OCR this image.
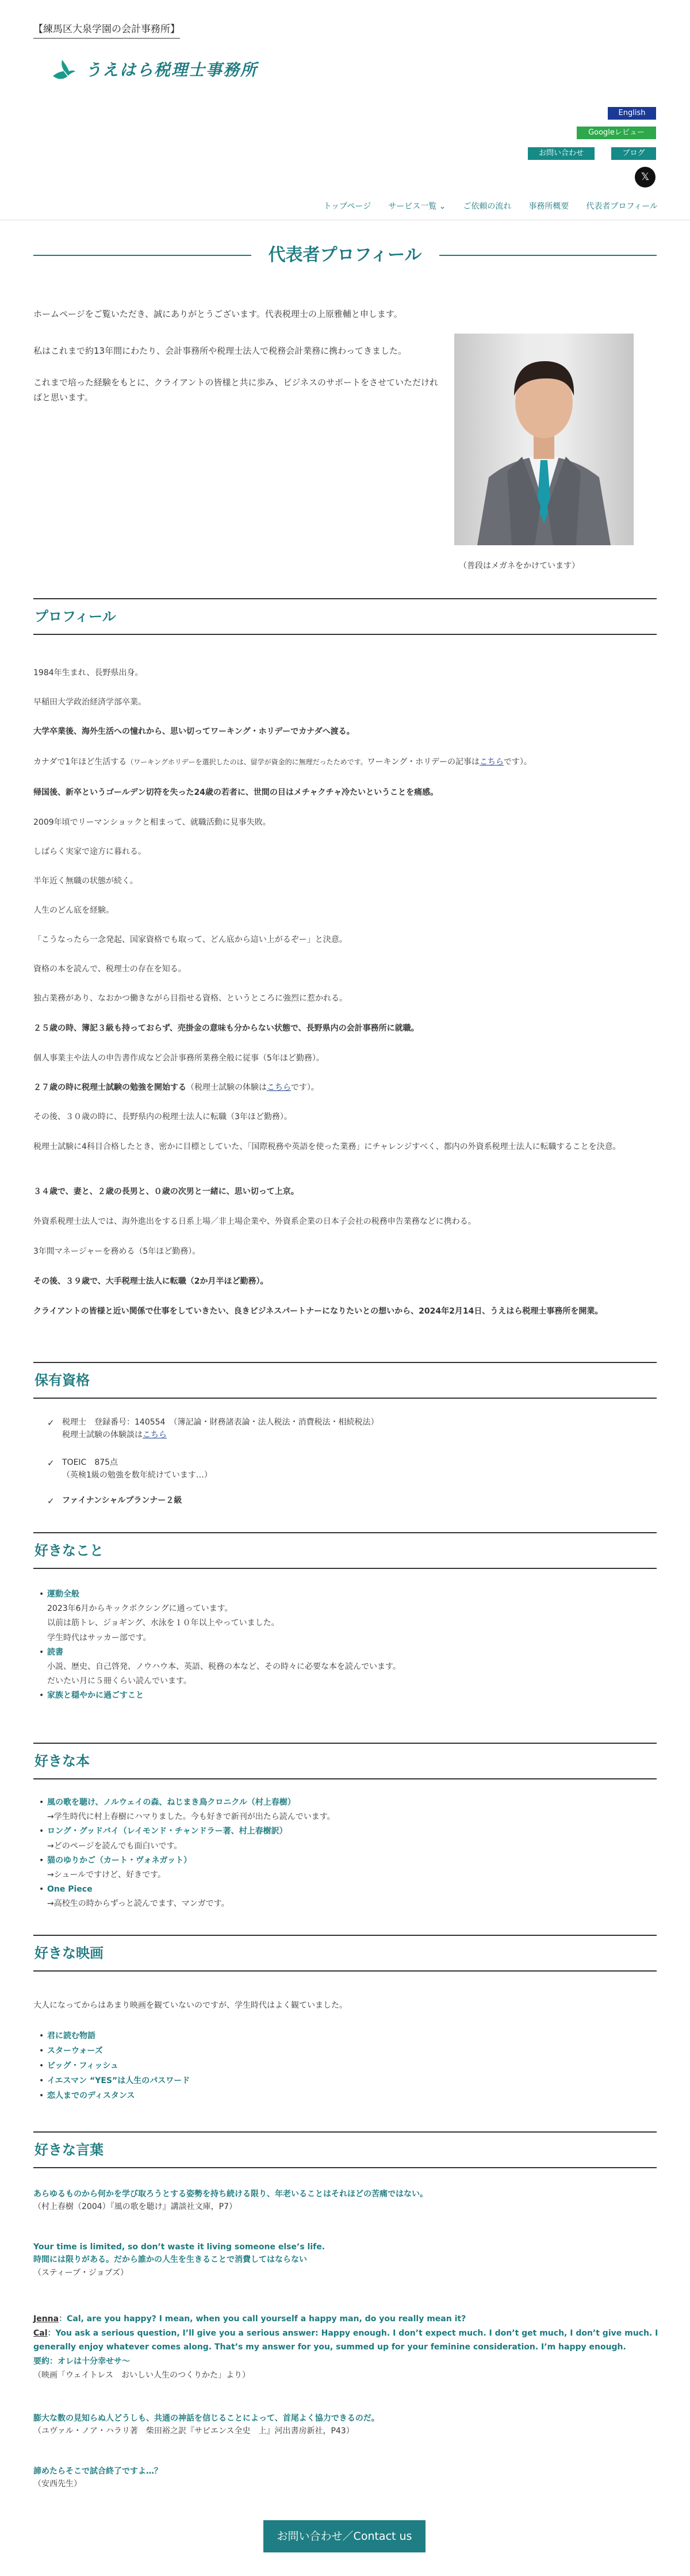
【練馬区大泉学園の会計事務所】
うえはら税理士事務所
English
Googleレビュー
お問い合わせ	ブログ
𝕏
トップページ サービス一覧 ⌄ ご依頼の流れ 事務所概要 代表者プロフィール
代表者プロフィール

ホームページをご覧いただき、誠にありがとうございます。代表税理士の上原雅輔と申します。

私はこれまで約13年間にわたり、会計事務所や税理士法人で税務会計業務に携わってきました。

これまで培った経験をもとに、クライアントの皆様と共に歩み、ビジネスのサポートをさせていただければと思います。

（普段はメガネをかけています）

プロフィール

1984年生まれ、長野県出身。

早稲田大学政治経済学部卒業。

大学卒業後、海外生活への憧れから、思い切ってワーキング・ホリデーでカナダへ渡る。

カナダで1年ほど生活する（ワーキングホリデーを選択したのは、留学が資金的に無理だったためです。ワーキング・ホリデーの記事はこちらです）。

帰国後、新卒というゴールデン切符を失った24歳の若者に、世間の目はメチャクチャ冷たいということを痛感。

2009年頃でリーマンショックと相まって、就職活動に見事失敗。

しばらく実家で途方に暮れる。

半年近く無職の状態が続く。

人生のどん底を経験。

「こうなったら一念発起、国家資格でも取って、どん底から這い上がるぞー」と決意。

資格の本を読んで、税理士の存在を知る。

独占業務があり、なおかつ働きながら目指せる資格、というところに強烈に惹かれる。

２５歳の時、簿記３級も持っておらず、売掛金の意味も分からない状態で、長野県内の会計事務所に就職。

個人事業主や法人の申告書作成など会計事務所業務全般に従事（5年ほど勤務）。

２７歳の時に税理士試験の勉強を開始する（税理士試験の体験はこちらです）。

その後、３０歳の時に、長野県内の税理士法人に転職（3年ほど勤務）。

税理士試験に4科目合格したとき、密かに目標としていた、「国際税務や英語を使った業務」にチャレンジすべく、都内の外資系税理士法人に転職することを決意。

３４歳で、妻と、２歳の長男と、０歳の次男と一緒に、思い切って上京。

外資系税理士法人では、海外進出をする日系上場／非上場企業や、外資系企業の日本子会社の税務申告業務などに携わる。

3年間マネージャーを務める（5年ほど勤務）。

その後、３９歳で、大手税理士法人に転職（2か月半ほど勤務）。

クライアントの皆様と近い関係で仕事をしていきたい、良きビジネスパートナーになりたいとの想いから、2024年2月14日、うえはら税理士事務所を開業。

保有資格
✓ 税理士　登録番号：140554　（簿記論・財務諸表論・法人税法・消費税法・相続税法）
税理士試験の体験談はこちら
✓ TOEIC　875点
（英検1級の勉強を数年続けています…）
✓ ファイナンシャルプランナー２級
好きなこと
• 運動全般
2023年6月からキックボクシングに通っています。
以前は筋トレ、ジョギング、水泳を１０年以上やっていました。
学生時代はサッカー部です。
• 読書
小説、歴史、自己啓発、ノウハウ本、英語、税務の本など、その時々に必要な本を読んでいます。
だいたい月に５冊くらい読んでいます。
• 家族と穏やかに過ごすこと
好きな本
• 風の歌を聴け、ノルウェイの森、ねじまき鳥クロニクル（村上春樹）
→学生時代に村上春樹にハマりました。今も好きで新刊が出たら読んでいます。
• ロング・グッドバイ（レイモンド・チャンドラー著、村上春樹訳）
→どのページを読んでも面白いです。
• 猫のゆりかご（カート・ヴォネガット）
→シュールですけど、好きです。
• One Piece
→高校生の時からずっと読んでます、マンガです。
好きな映画

大人になってからはあまり映画を観ていないのですが、学生時代はよく観ていました。

• 君に読む物語
• スターウォーズ
• ビッグ・フィッシュ
• イエスマン “YES”は人生のパスワード
• 恋人までのディスタンス
好きな言葉
あらゆるものから何かを学び取ろうとする姿勢を持ち続ける限り、年老いることはそれほどの苦痛ではない。
（村上春樹（2004）『風の歌を聴け』講談社文庫，P7）
Your time is limited, so don’t waste it living someone else’s life.
時間には限りがある。だから誰かの人生を生きることで消費してはならない
（スティーブ・ジョブズ）
Jenna：Cal, are you happy? I mean, when you call yourself a happy man, do you really mean it?
Cal：You ask a serious question, I’ll give you a serious answer: Happy enough. I don’t expect much. I don’t get much, I don’t give much. I generally enjoy whatever comes along. That’s my answer for you, summed up for your feminine consideration. I’m happy enough.
要約：オレは十分幸せサ〜
（映画「ウェイトレス　おいしい人生のつくりかた」より）
膨大な数の見知らぬ人どうしも、共通の神話を信じることによって、首尾よく協力できるのだ。
（ユヴァル・ノア・ハラリ著　柴田裕之訳『サピエンス全史　上』河出書房新社，P43）
諦めたらそこで試合終了ですよ…？
（安西先生）
お問い合わせ／Contact us
